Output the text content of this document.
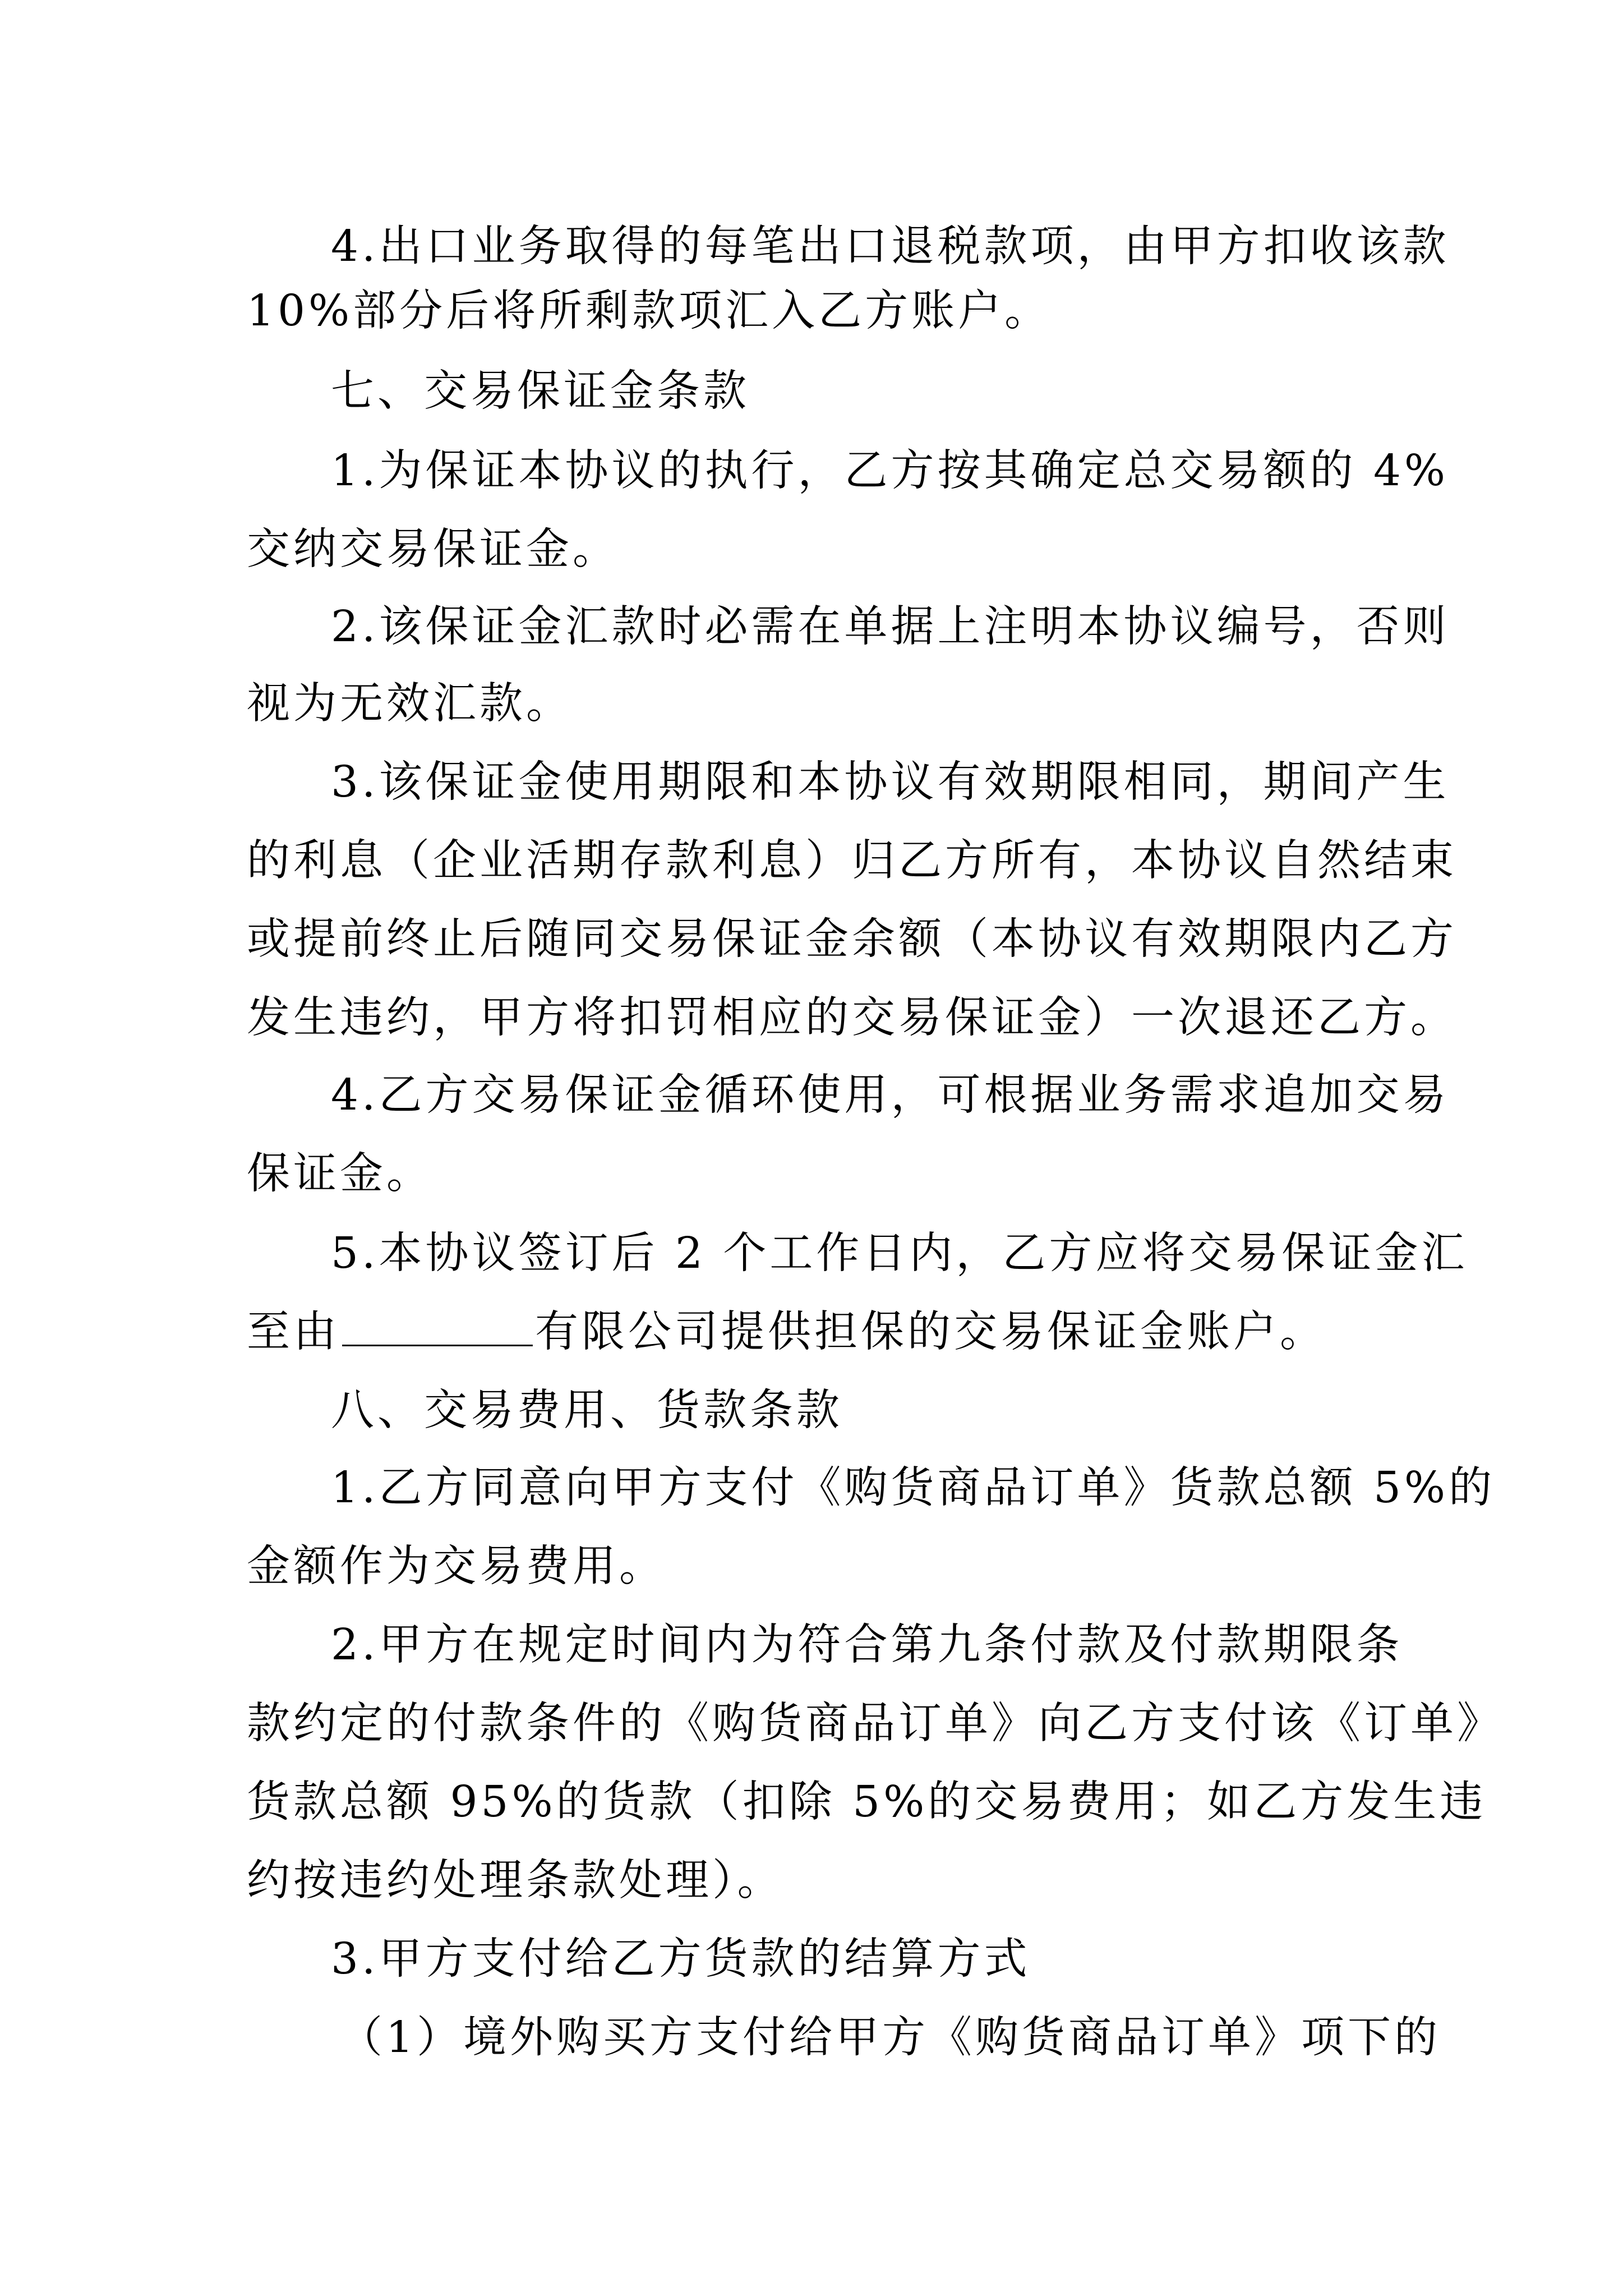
4.出口业务取得的每笔出口退税款项，由甲方扣收该款
10%部分后将所剩款项汇入乙方账户。
七、交易保证金条款
1.为保证本协议的执行，乙方按其确定总交易额的 4%
交纳交易保证金。
2.该保证金汇款时必需在单据上注明本协议编号，否则
视为无效汇款。
3.该保证金使用期限和本协议有效期限相同，期间产生
的利息（企业活期存款利息）归乙方所有，本协议自然结束
或提前终止后随同交易保证金余额（本协议有效期限内乙方
发生违约，甲方将扣罚相应的交易保证金）一次退还乙方。
4.乙方交易保证金循环使用，可根据业务需求追加交易
保证金。
5.本协议签订后 2 个工作日内，乙方应将交易保证金汇
至由	有限公司提供担保的交易保证金账户。
八、交易费用、货款条款
1.乙方同意向甲方支付《购货商品订单》货款总额 5%的
金额作为交易费用。
2.甲方在规定时间内为符合第九条付款及付款期限条
款约定的付款条件的《购货商品订单》向乙方支付该《订单》
货款总额 95%的货款（扣除 5%的交易费用；如乙方发生违
约按违约处理条款处理）。
3.甲方支付给乙方货款的结算方式
（1）境外购买方支付给甲方《购货商品订单》项下的
